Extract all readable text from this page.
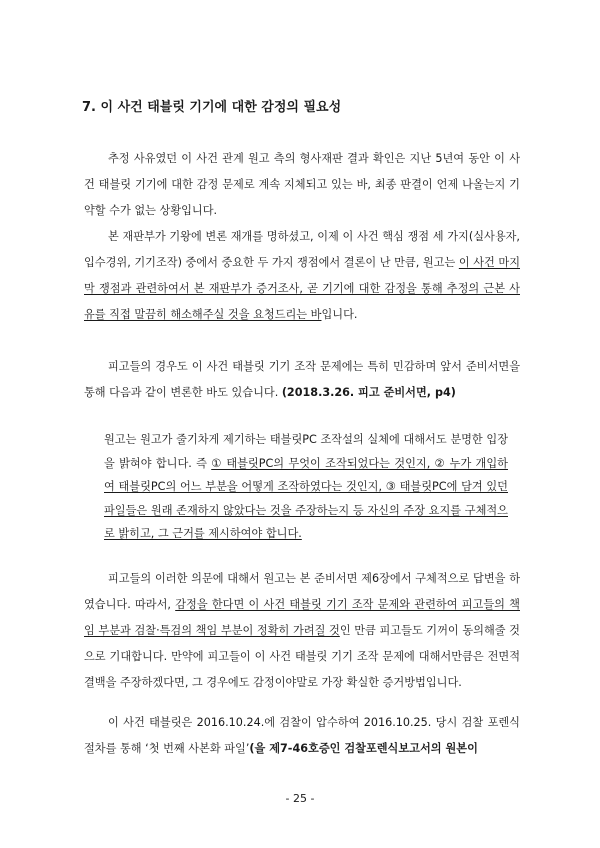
7. 이 사건 태블릿 기기에 대한 감정의 필요성

추정 사유였던 이 사건 관계 원고 측의 형사재판 결과 확인은 지난 5년여 동안 이 사건 태블릿 기기에 대한 감정 문제로 계속 지체되고 있는 바, 최종 판결이 언제 나올는지 기약할 수가 없는 상황입니다.

본 재판부가 기왕에 변론 재개를 명하셨고, 이제 이 사건 핵심 쟁점 세 가지(실사용자, 입수경위, 기기조작) 중에서 중요한 두 가지 쟁점에서 결론이 난 만큼, 원고는 이 사건 마지막 쟁점과 관련하여서 본 재판부가 증거조사, 곧 기기에 대한 감정을 통해 추정의 근본 사유를 직접 말끔히 해소해주실 것을 요청드리는 바입니다.

피고들의 경우도 이 사건 태블릿 기기 조작 문제에는 특히 민감하며 앞서 준비서면을 통해 다음과 같이 변론한 바도 있습니다. (2018.3.26. 피고 준비서면, p4)

원고는 원고가 줄기차게 제기하는 태블릿PC 조작설의 실체에 대해서도 분명한 입장을 밝혀야 합니다. 즉 ① 태블릿PC의 무엇이 조작되었다는 것인지, ② 누가 개입하여 태블릿PC의 어느 부분을 어떻게 조작하였다는 것인지, ③ 태블릿PC에 담겨 있던 파일들은 원래 존재하지 않았다는 것을 주장하는지 등 자신의 주장 요지를 구체적으로 밝히고, 그 근거를 제시하여야 합니다.

피고들의 이러한 의문에 대해서 원고는 본 준비서면 제6장에서 구체적으로 답변을 하였습니다. 따라서, 감정을 한다면 이 사건 태블릿 기기 조작 문제와 관련하여 피고들의 책임 부분과 검찰·특검의 책임 부분이 정확히 가려질 것인 만큼 피고들도 기꺼이 동의해줄 것으로 기대합니다. 만약에 피고들이 이 사건 태블릿 기기 조작 문제에 대해서만큼은 전면적 결백을 주장하겠다면, 그 경우에도 감정이야말로 가장 확실한 증거방법입니다.

이 사건 태블릿은 2016.10.24.에 검찰이 압수하여 2016.10.25. 당시 검찰 포렌식 절차를 통해 ‘첫 번째 사본화 파일’(을 제7-46호증인 검찰포렌식보고서의 원본이

- 25 -
